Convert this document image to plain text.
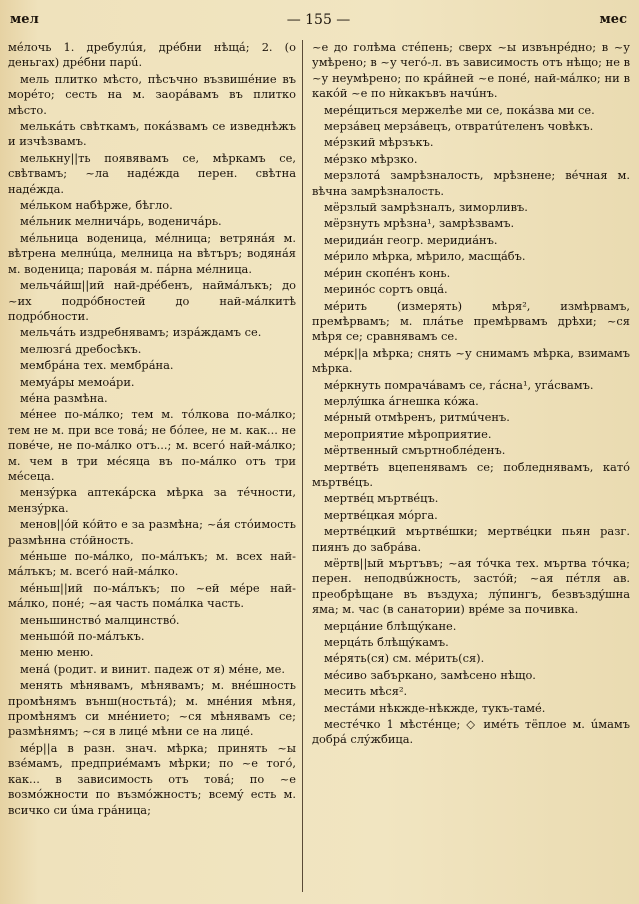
мел	— 155 —	мес

мéлочь 1. дребулúя, дрéбни нѣщá; 2. (о деньгах) дрéбни парú.

мель плитко мѣсто, пѣсъчно възвишéние въ морéто; сесть на м. заорáвамъ въ плитко мѣсто.

мелькáть свѣткамъ, покáзвамъ се изведнѣжъ и изчѣзвамъ.

мелькну||ть появявамъ се, мѣркамъ се, свѣтвамъ; ~ла надéжда перен. свѣтна надéжда.

мéльком набѣрже, бѣгло.

мéльник мелничáрь, воденичáрь.

мéльница воденица, мéлница; ветрянáя м. вѣтрена мелнúца, мелница на вѣтъръ; водянáя м. воденица; паровáя м. пáрна мéлница.

мельчáйш||ий най-дрéбенъ, наймáлъкъ; до ~их подрóбностей до най-мáлкитѣ подрóбности.

мельчáть издребнявамъ; изрáждамъ се.

мелюзгá дребосѣкъ.

мембрáна тех. мембрáна.

мемуáры мемоáри.

мéна размѣна.

мéнее по-мáлко; тем м. тóлкова по-мáлко; тем не м. при все товá; не бóлее, не м. как... не повéче, не по-мáлко отъ...; м. всегó най-мáлко; м. чем в три мéсяца въ по-мáлко отъ три мéсеца.

мензýрка аптекáрска мѣрка за тéчности, мензýрка.

менов||óй кóйто е за размѣна; ~áя стóимость размѣнна стóйность.

мéньше по-мáлко, по-мáлъкъ; м. всех най-мáлъкъ; м. всегó най-мáлко.

мéньш||ий по-мáлъкъ; по ~ей мéре най-мáлко, понé; ~ая часть помáлка часть.

меньшинствó малцинствó.

меньшóй по-мáлъкъ.

меню меню.

менá (родит. и винит. падеж от я) мéне, ме.

менять мѣнявамъ, мѣнявамъ; м. внéшность промѣнямъ външ(ностьтá); м. мнéния мѣня, промѣнямъ си мнéнието; ~ся мѣнявамъ се; размѣнямъ; ~ся в лицé мѣни се на лицé.

мéр||а в разн. знач. мѣрка; принять ~ы взéмамъ, предприéмамъ мѣрки; по ~е тогó, как... в зависимость отъ товá; по ~е возмóжности по възмóжностъ; всемý есть м. всичко си úма грáница;

~е до голѣма стéпень; сверх ~ы извънрéдно; в ~у умѣрено; в ~у чегó-л. въ зависимость отъ нѣщо; не в ~у неумѣрено; по крáйней ~е понé, най-мáлко; ни в какóй ~е по нѝкакъвъ начúнъ.

мерéщиться мержелѣе ми се, покáзва ми се.

мерзáвец мерзáвецъ, отвратúтеленъ човѣкъ.

мéрзкий мѣрзъкъ.

мéрзко мѣрзко.

мерзлотá замрѣзналость, мрѣзнене; вéчная м. вѣчна замрѣзналость.

мёрзлый замрѣзналъ, зиморливъ.

мёрзнуть мрѣзна¹, замрѣзвамъ.

меридиáн геогр. меридиáнъ.

мéрило мѣрка, мѣрило, масщáбъ.

мéрин скопéнъ конь.

меринóс сортъ овцá.

мéрить (измерять) мѣря², измѣрвамъ, премѣрвамъ; м. плáтье премѣрвамъ дрѣхи; ~ся мѣря се; сравнявамъ се.

мéрк||а мѣрка; снять ~у снимамъ мѣрка, взимамъ мѣрка.

мéркнуть помрачáвамъ се, гáсна¹, угáсвамъ.

мерлýшка áгнешка кóжа.

мéрный отмѣренъ, ритмúченъ.

мероприятие мѣроприятие.

мёртвенный смъртноблéденъ.

мертвéть вцепенявамъ се; побледнявамъ, катó мъртвéцъ.

мертвéц мъртвéцъ.

мертвéцкая мóрга.

мертвéцкий мъртвéшки; мертвéцки пьян разг. пиянъ до забрáва.

мёртв||ый мъртъвъ; ~ая тóчка тех. мъртва тóчка; перен. неподвúжность, застóй; ~ая пéтля ав. преобрѣщане въ въздуха; лýпингъ, безвъздýшна яма; м. час (в санатории) врéме за почивка.

мерцáние блѣщýкане.

мерцáть блѣщýкамъ.

мéрять(ся) см. мéрить(ся).

мéсиво забъркано, замѣсено нѣщо.

месить мѣся².

местáми нѣкжде-нѣкжде, тукъ-тамé.

местéчко 1 мѣстéнце; ◇ имéть тёплое м. úмамъ добрá слýжбица.
